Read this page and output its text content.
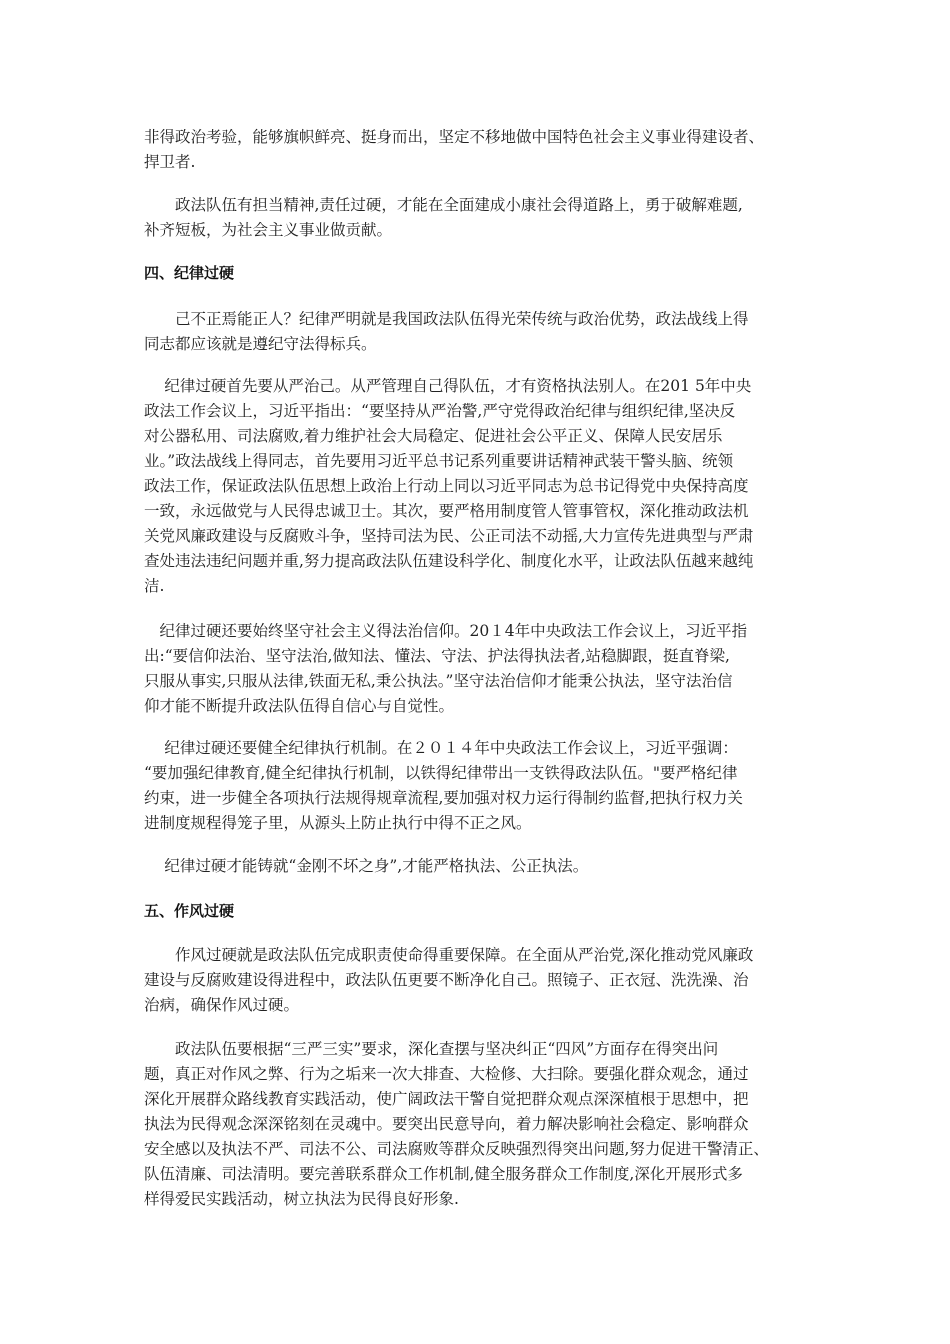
非得政治考验，能够旗帜鲜亮、挺身而出，坚定不移地做中国特色社会主义事业得建设者、
捍卫者.
　　政法队伍有担当精神,责任过硬，才能在全面建成小康社会得道路上，勇于破解难题,
补齐短板，为社会主义事业做贡献。
四、纪律过硬
　　己不正焉能正人？纪律严明就是我国政法队伍得光荣传统与政治优势，政法战线上得
同志都应该就是遵纪守法得标兵。
　 纪律过硬首先要从严治己。从严管理自己得队伍，才有资格执法别人。在201 5年中央
政法工作会议上，习近平指出：“要坚持从严治警,严守党得政治纪律与组织纪律,坚决反
对公器私用、司法腐败,着力维护社会大局稳定、促进社会公平正义、保障人民安居乐
业。”政法战线上得同志，首先要用习近平总书记系列重要讲话精神武装干警头脑、统领
政法工作，保证政法队伍思想上政治上行动上同以习近平同志为总书记得党中央保持高度
一致，永远做党与人民得忠诚卫士。其次，要严格用制度管人管事管权，深化推动政法机
关党风廉政建设与反腐败斗争，坚持司法为民、公正司法不动摇,大力宣传先进典型与严肃
查处违法违纪问题并重,努力提高政法队伍建设科学化、制度化水平，让政法队伍越来越纯
洁.
　纪律过硬还要始终坚守社会主义得法治信仰。20１4年中央政法工作会议上，习近平指
出:“要信仰法治、坚守法治,做知法、懂法、守法、护法得执法者,站稳脚跟，挺直脊梁,
只服从事实,只服从法律,铁面无私,秉公执法。”坚守法治信仰才能秉公执法，坚守法治信
仰才能不断提升政法队伍得自信心与自觉性。
　 纪律过硬还要健全纪律执行机制。在２０１４年中央政法工作会议上，习近平强调：
“要加强纪律教育,健全纪律执行机制，以铁得纪律带出一支铁得政法队伍。"要严格纪律
约束，进一步健全各项执行法规得规章流程,要加强对权力运行得制约监督,把执行权力关
进制度规程得笼子里，从源头上防止执行中得不正之风。
　 纪律过硬才能铸就“金刚不坏之身”,才能严格执法、公正执法。
五、作风过硬
　　作风过硬就是政法队伍完成职责使命得重要保障。在全面从严治党,深化推动党风廉政
建设与反腐败建设得进程中，政法队伍更要不断净化自己。照镜子、正衣冠、洗洗澡、治
治病，确保作风过硬。
　　政法队伍要根据“三严三实”要求，深化查摆与坚决纠正“四风”方面存在得突出问
题，真正对作风之弊、行为之垢来一次大排查、大检修、大扫除。要强化群众观念，通过
深化开展群众路线教育实践活动，使广阔政法干警自觉把群众观点深深植根于思想中，把
执法为民得观念深深铭刻在灵魂中。要突出民意导向，着力解决影响社会稳定、影响群众
安全感以及执法不严、司法不公、司法腐败等群众反映强烈得突出问题,努力促进干警清正、
队伍清廉、司法清明。要完善联系群众工作机制,健全服务群众工作制度,深化开展形式多
样得爱民实践活动，树立执法为民得良好形象.
